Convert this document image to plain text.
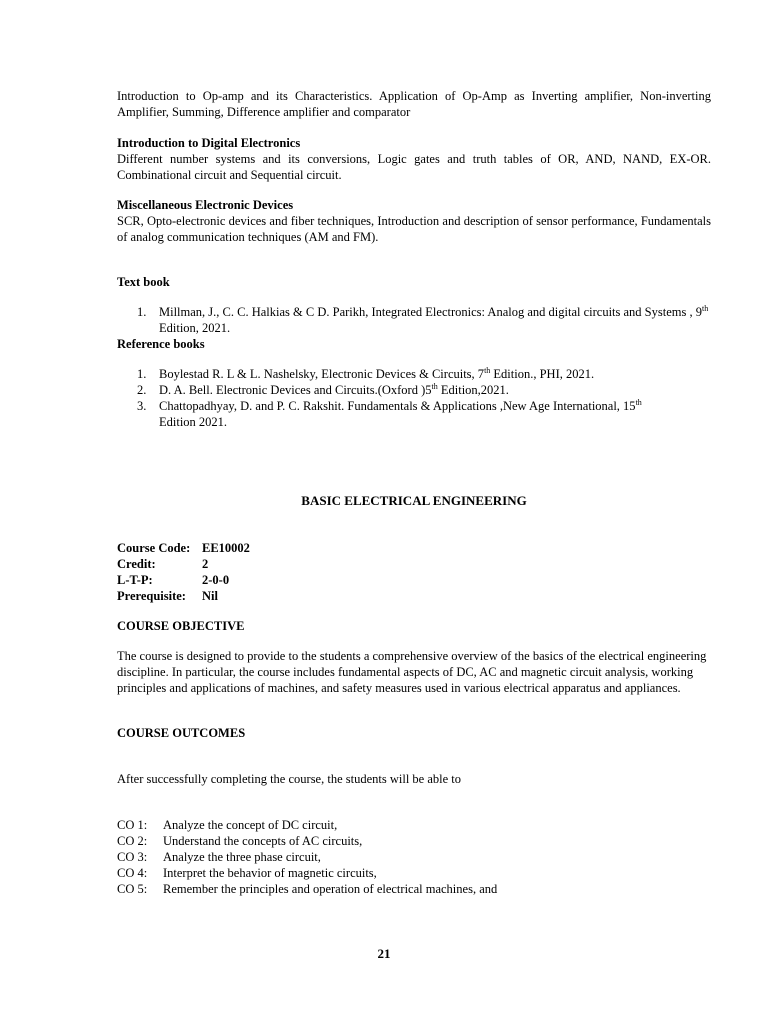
Introduction to Op-amp and its Characteristics. Application of Op-Amp as Inverting amplifier, Non-inverting Amplifier, Summing, Difference amplifier and comparator

Introduction to Digital Electronics

Different number systems and its conversions, Logic gates and truth tables of OR, AND, NAND, EX-OR. Combinational circuit and Sequential circuit.

Miscellaneous Electronic Devices

SCR, Opto-electronic devices and fiber techniques, Introduction and description of sensor performance, Fundamentals of analog communication techniques (AM and FM).

Text book

1. Millman, J., C. C. Halkias & C D. Parikh, Integrated Electronics: Analog and digital circuits and Systems , 9th Edition, 2021.

Reference books

1. Boylestad R. L & L. Nashelsky, Electronic Devices & Circuits, 7th Edition., PHI, 2021.
2. D. A. Bell. Electronic Devices and Circuits.(Oxford )5th Edition,2021.
3. Chattopadhyay, D. and P. C. Rakshit. Fundamentals & Applications ,New Age International, 15th Edition 2021.

BASIC ELECTRICAL ENGINEERING

Course Code: EE10002
Credit:	2
L-T-P:	2-0-0
Prerequisite:	Nil

COURSE OBJECTIVE

The course is designed to provide to the students a comprehensive overview of the basics of the electrical engineering discipline. In particular, the course includes fundamental aspects of DC, AC and magnetic circuit analysis, working principles and applications of machines, and safety measures used in various electrical apparatus and appliances.

COURSE OUTCOMES

After successfully completing the course, the students will be able to

CO 1:	Analyze the concept of DC circuit,
CO 2:	Understand the concepts of AC circuits,
CO 3:	Analyze the three phase circuit,
CO 4:	Interpret the behavior of magnetic circuits,
CO 5:	Remember the principles and operation of electrical machines, and
21
